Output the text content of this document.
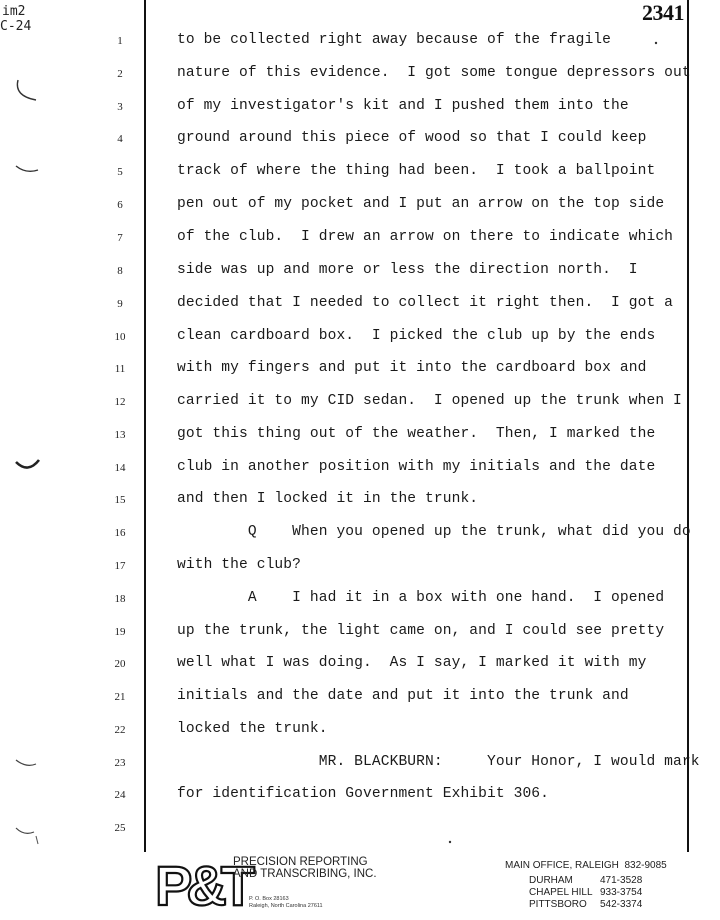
im2
C-24
2341
1	to be collected right away because of the fragile
2	nature of this evidence.  I got some tongue depressors out
3	of my investigator's kit and I pushed them into the
4	ground around this piece of wood so that I could keep
5	track of where the thing had been.  I took a ballpoint
6	pen out of my pocket and I put an arrow on the top side
7	of the club.  I drew an arrow on there to indicate which
8	side was up and more or less the direction north.  I
9	decided that I needed to collect it right then.  I got a
10	clean cardboard box.  I picked the club up by the ends
11	with my fingers and put it into the cardboard box and
12	carried it to my CID sedan.  I opened up the trunk when I
13	got this thing out of the weather.  Then, I marked the
14	club in another position with my initials and the date
15	and then I locked it in the trunk.
16	Q    When you opened up the trunk, what did you do
17	with the club?
18	A    I had it in a box with one hand.  I opened
19	up the trunk, the light came on, and I could see pretty
20	well what I was doing.  As I say, I marked it with my
21	initials and the date and put it into the trunk and
22	locked the trunk.
23	MR. BLACKBURN:     Your Honor, I would mark
24	for identification Government Exhibit 306.
25
P&T
PRECISION REPORTING
AND TRANSCRIBING, INC.
P. O. Box 28163
Raleigh, North Carolina 27611
MAIN OFFICE, RALEIGH  832-9085
DURHAM	471-3528
CHAPEL HILL 933-3754
PITTSBORO 542-3374
